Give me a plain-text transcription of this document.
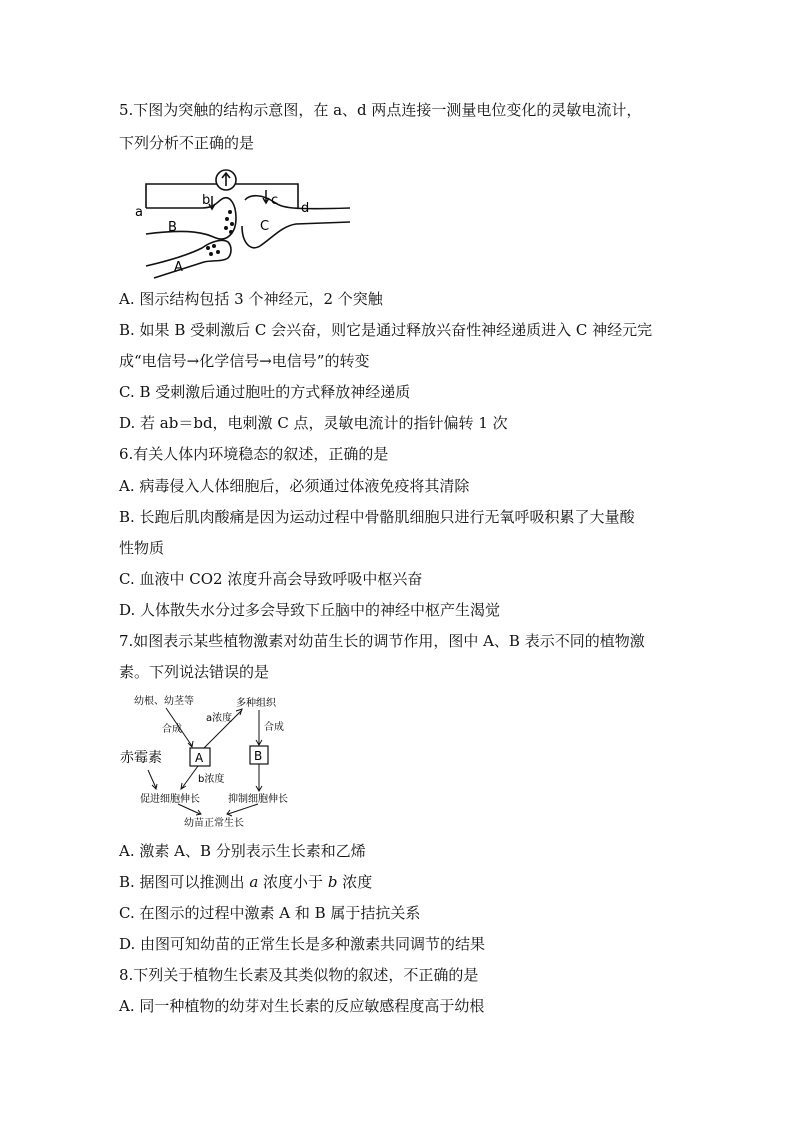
5.下图为突触的结构示意图，在 a、d 两点连接一测量电位变化的灵敏电流计，
下列分析不正确的是
a
b	c
d
B	C
A
A. 图示结构包括 3 个神经元，2 个突触
B. 如果 B 受刺激后 C 会兴奋，则它是通过释放兴奋性神经递质进入 C 神经元完
成“电信号→化学信号→电信号”的转变
C. B 受刺激后通过胞吐的方式释放神经递质
D. 若 ab＝bd，电刺激 C 点，灵敏电流计的指针偏转 1 次
6.有关人体内环境稳态的叙述，正确的是
A. 病毒侵入人体细胞后，必须通过体液免疫将其清除
B. 长跑后肌肉酸痛是因为运动过程中骨骼肌细胞只进行无氧呼吸积累了大量酸
性物质
C. 血液中 CO2 浓度升高会导致呼吸中枢兴奋
D. 人体散失水分过多会导致下丘脑中的神经中枢产生渴觉
7.如图表示某些植物激素对幼苗生长的调节作用，图中 A、B 表示不同的植物激
素。下列说法错误的是
幼根、幼茎等
合成
多种组织
a浓度
合成
赤霉素	A	B
b浓度
促进细胞伸长	抑制细胞伸长
幼苗正常生长
A. 激素 A、B 分别表示生长素和乙烯
B. 据图可以推测出 a 浓度小于 b 浓度
C. 在图示的过程中激素 A 和 B 属于拮抗关系
D. 由图可知幼苗的正常生长是多种激素共同调节的结果
8.下列关于植物生长素及其类似物的叙述，不正确的是
A. 同一种植物的幼芽对生长素的反应敏感程度高于幼根
